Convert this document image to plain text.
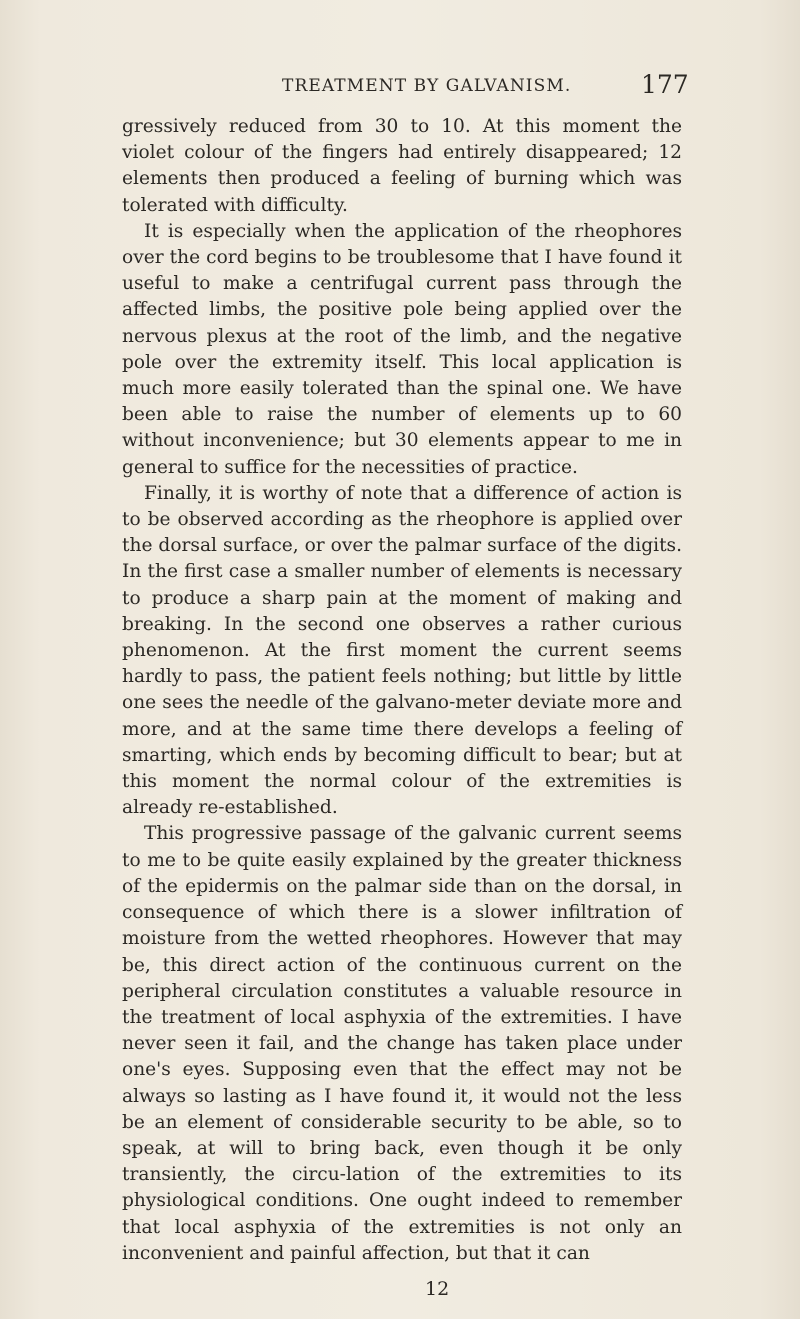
TREATMENT BY GALVANISM.	177

gressively reduced from 30 to 10. At this moment the violet colour of the fingers had entirely disappeared; 12 elements then produced a feeling of burning which was tolerated with difficulty.

It is especially when the application of the rheophores over the cord begins to be troublesome that I have found it useful to make a centrifugal current pass through the affected limbs, the positive pole being applied over the nervous plexus at the root of the limb, and the negative pole over the extremity itself. This local application is much more easily tolerated than the spinal one. We have been able to raise the number of elements up to 60 without inconvenience; but 30 elements appear to me in general to suffice for the necessities of practice.

Finally, it is worthy of note that a difference of action is to be observed according as the rheophore is applied over the dorsal surface, or over the palmar surface of the digits. In the first case a smaller number of elements is necessary to produce a sharp pain at the moment of making and breaking. In the second one observes a rather curious phenomenon. At the first moment the current seems hardly to pass, the patient feels nothing; but little by little one sees the needle of the galvano-meter deviate more and more, and at the same time there develops a feeling of smarting, which ends by becoming difficult to bear; but at this moment the normal colour of the extremities is already re-established.

This progressive passage of the galvanic current seems to me to be quite easily explained by the greater thickness of the epidermis on the palmar side than on the dorsal, in consequence of which there is a slower infiltration of moisture from the wetted rheophores. However that may be, this direct action of the continuous current on the peripheral circulation constitutes a valuable resource in the treatment of local asphyxia of the extremities. I have never seen it fail, and the change has taken place under one's eyes. Supposing even that the effect may not be always so lasting as I have found it, it would not the less be an element of considerable security to be able, so to speak, at will to bring back, even though it be only transiently, the circu-lation of the extremities to its physiological conditions. One ought indeed to remember that local asphyxia of the extremities is not only an inconvenient and painful affection, but that it can

12
